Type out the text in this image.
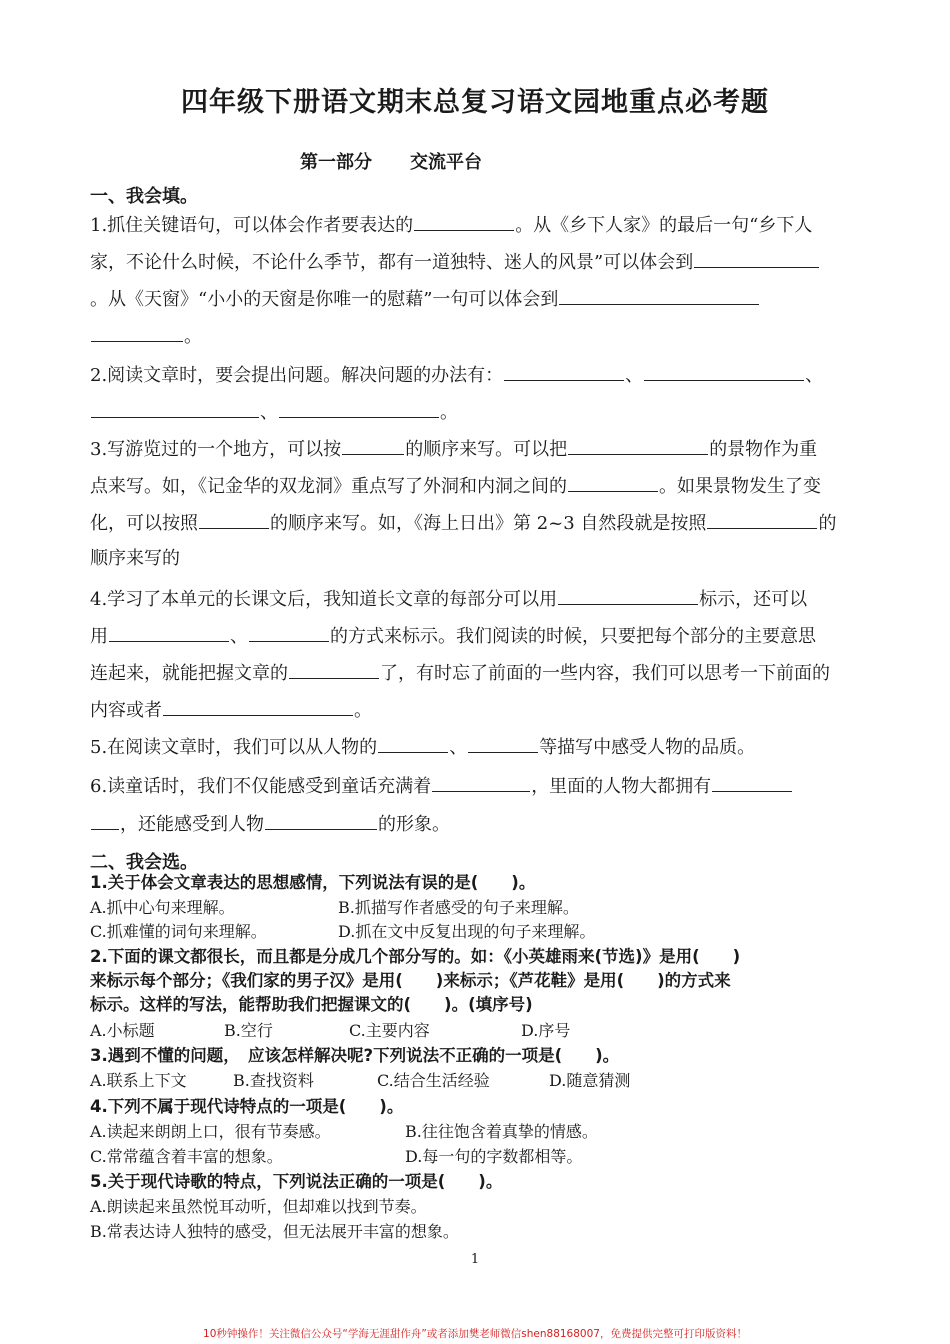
四年级下册语文期末总复习语文园地重点必考题
第一部分 交流平台
一、我会填。
1.抓住关键语句，可以体会作者要表达的	。从《乡下人家》的最后一句“乡下人
家，不论什么时候，不论什么季节，都有一道独特、迷人的风景”可以体会到
。从《天窗》“小小的天窗是你唯一的慰藉”一句可以体会到
。
2.阅读文章时，要会提出问题。解决问题的办法有：	、	、
、	。
3.写游览过的一个地方，可以按	的顺序来写。可以把	的景物作为重
点来写。如，《记金华的双龙洞》重点写了外洞和内洞之间的	。如果景物发生了变
化，可以按照	的顺序来写。如，《海上日出》第 2~3 自然段就是按照	的
顺序来写的
4.学习了本单元的长课文后，我知道长文章的每部分可以用	标示，还可以
用	、	的方式来标示。我们阅读的时候，只要把每个部分的主要意思
连起来，就能把握文章的	了，有时忘了前面的一些内容，我们可以思考一下前面的
内容或者	。
5.在阅读文章时，我们可以从人物的	、	等描写中感受人物的品质。
6.读童话时，我们不仅能感受到童话充满着	，里面的人物大都拥有
，还能感受到人物	的形象。
二、我会选。
1.关于体会文章表达的思想感情，下列说法有误的是(　　)。
A.抓中心句来理解。	B.抓描写作者感受的句子来理解。
C.抓难懂的词句来理解。	D.抓在文中反复出现的句子来理解。
2.下面的课文都很长，而且都是分成几个部分写的。如：《小英雄雨来(节选)》是用(　　)
来标示每个部分；《我们家的男子汉》是用(　　)来标示；《芦花鞋》是用(　　)的方式来
标示。这样的写法，能帮助我们把握课文的(　　)。(填序号)
A.小标题	B.空行	C.主要内容	D.序号
3.遇到不懂的问题，　应该怎样解决呢?下列说法不正确的一项是(　　)。
A.联系上下文	B.查找资料	C.结合生活经验	D.随意猜测
4.下列不属于现代诗特点的一项是(　　)。
A.读起来朗朗上口，很有节奏感。	B.往往饱含着真挚的情感。
C.常常蕴含着丰富的想象。	D.每一句的字数都相等。
5.关于现代诗歌的特点，下列说法正确的一项是(　　)。
A.朗读起来虽然悦耳动听，但却难以找到节奏。
B.常表达诗人独特的感受，但无法展开丰富的想象。
1
10秒钟操作！关注微信公众号“学海无涯甜作舟”或者添加樊老师微信shen88168007，免费提供完整可打印版资料！
